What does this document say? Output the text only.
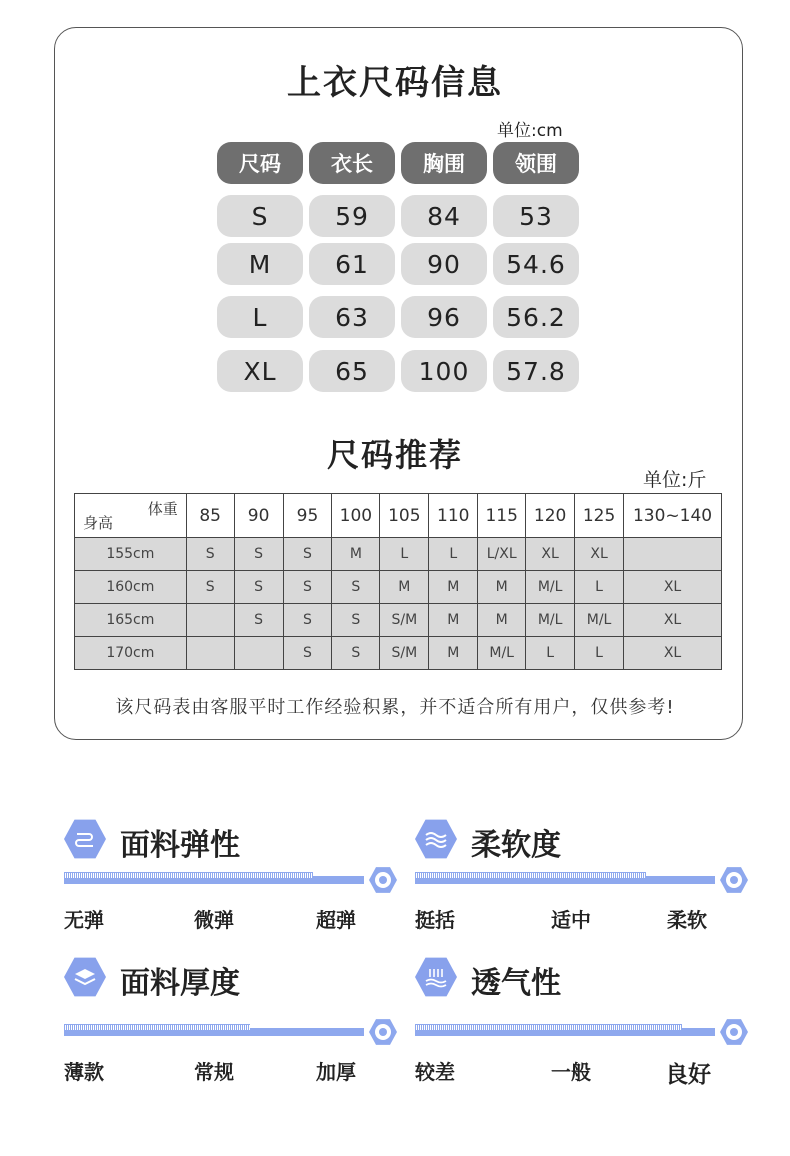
上衣尺码信息
单位:cm
尺码	衣长	胸围	领围
S	59	84	53
M	61	90	54.6
L	63	96	56.2
XL	65	100	57.8
尺码推荐
单位:斤
体重
身高	85	90	95	100	105	110	115	120	125	130~140
155cm	S	S	S	M	L	L	L/XL	XL	XL	
160cm	S	S	S	S	M	M	M	M/L	L	XL
165cm		S	S	S	S/M	M	M	M/L	M/L	XL
170cm			S	S	S/M	M	M/L	L	L	XL
该尺码表由客服平时工作经验积累，并不适合所有用户，仅供参考!
面料弹性
无弹	微弹	超弹
柔软度
挺括	适中	柔软
面料厚度
薄款	常规	加厚
透气性
较差	一般	良好
